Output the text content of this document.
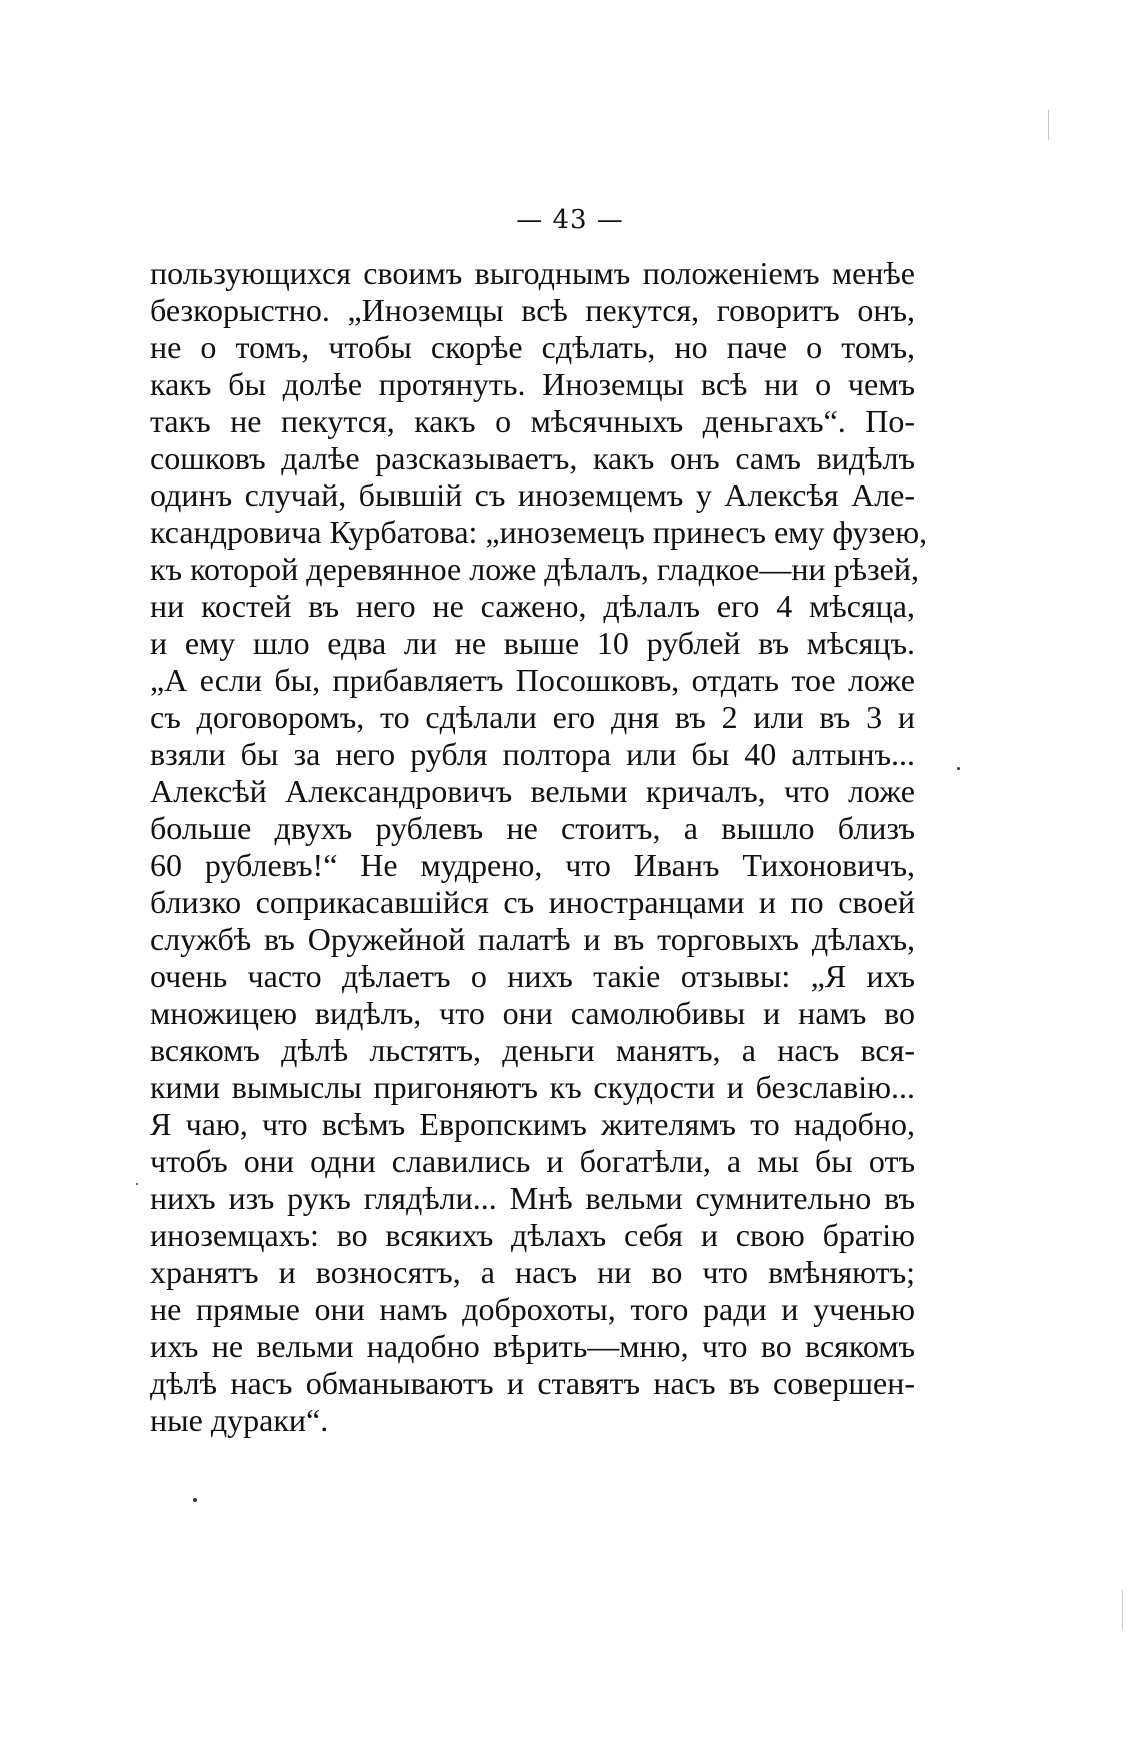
— 43 —
пользующихся своимъ выгоднымъ положеніемъ менѣе
безкорыстно. „Иноземцы всѣ пекутся, говоритъ онъ,
не о томъ, чтобы скорѣе сдѣлать, но паче о томъ,
какъ бы долѣе протянуть. Иноземцы всѣ ни о чемъ
такъ не пекутся, какъ о мѣсячныхъ деньгахъ“. По-
сошковъ далѣе разсказываетъ, какъ онъ самъ видѣлъ
одинъ случай, бывшій съ иноземцемъ у Алексѣя Але-
ксандровича Курбатова: „иноземецъ принесъ ему фузею,
къ которой деревянное ложе дѣлалъ, гладкое—ни рѣзей,
ни костей въ него не сажено, дѣлалъ его 4 мѣсяца,
и ему шло едва ли не выше 10 рублей въ мѣсяцъ.
„А если бы, прибавляетъ Посошковъ, отдать тое ложе
съ договоромъ, то сдѣлали его дня въ 2 или въ 3 и
взяли бы за него рубля полтора или бы 40 алтынъ...
Алексѣй Александровичъ вельми кричалъ, что ложе
больше двухъ рублевъ не стоитъ, а вышло близъ
60 рублевъ!“ Не мудрено, что Иванъ Тихоновичъ,
близко соприкасавшійся съ иностранцами и по своей
службѣ въ Оружейной палатѣ и въ торговыхъ дѣлахъ,
очень часто дѣлаетъ о нихъ такіе отзывы: „Я ихъ
множицею видѣлъ, что они самолюбивы и намъ во
всякомъ дѣлѣ льстятъ, деньги манятъ, а насъ вся-
кими вымыслы пригоняютъ къ скудости и безславію...
Я чаю, что всѣмъ Европскимъ жителямъ то надобно,
чтобъ они одни славились и богатѣли, а мы бы отъ
нихъ изъ рукъ глядѣли... Мнѣ вельми сумнительно въ
иноземцахъ: во всякихъ дѣлахъ себя и свою братію
хранятъ и возносятъ, а насъ ни во что вмѣняютъ;
не прямые они намъ доброхоты, того ради и ученью
ихъ не вельми надобно вѣрить—мню, что во всякомъ
дѣлѣ насъ обманываютъ и ставятъ насъ въ совершен-
ные дураки“.
